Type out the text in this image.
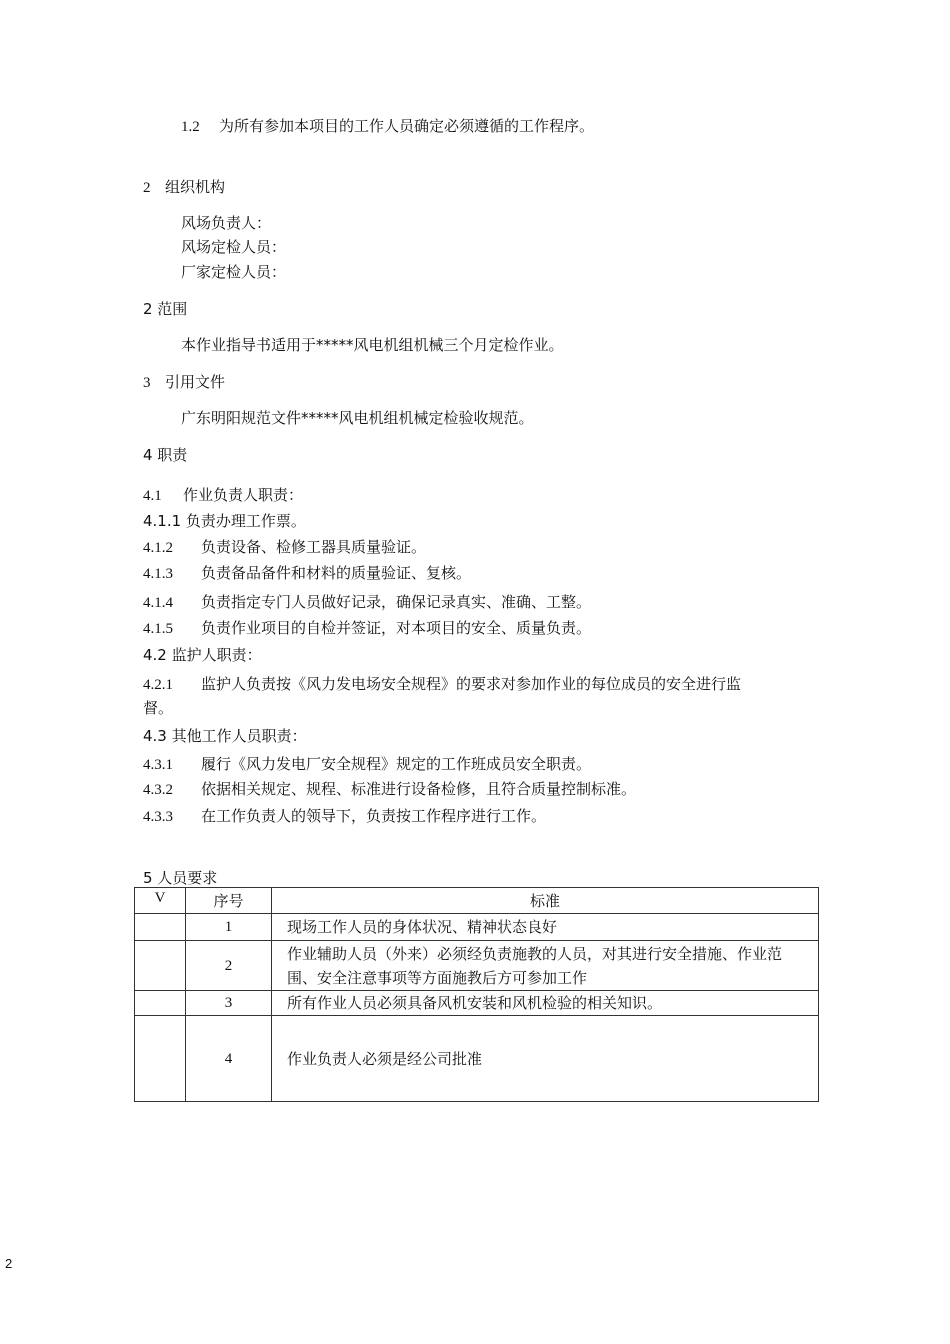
1.2 为所有参加本项目的工作人员确定必须遵循的工作程序。
2 组织机构
风场负责人：
风场定检人员：
厂家定检人员：
2 范围
本作业指导书适用于*****风电机组机械三个月定检作业。
3 引用文件
广东明阳规范文件*****风电机组机械定检验收规范。
4 职责
4.1 作业负责人职责：
4.1.1 负责办理工作票。
4.1.2 负责设备、检修工器具质量验证。
4.1.3 负责备品备件和材料的质量验证、复核。
4.1.4 负责指定专门人员做好记录，确保记录真实、准确、工整。
4.1.5 负责作业项目的自检并签证，对本项目的安全、质量负责。
4.2 监护人职责：
4.2.1 监护人负责按《风力发电场安全规程》的要求对参加作业的每位成员的安全进行监
督。
4.3 其他工作人员职责：
4.3.1 履行《风力发电厂安全规程》规定的工作班成员安全职责。
4.3.2 依据相关规定、规程、标准进行设备检修，且符合质量控制标准。
4.3.3 在工作负责人的领导下，负责按工作程序进行工作。
5 人员要求
V	序号	标准
	1	现场工作人员的身体状况、精神状态良好
	2	作业辅助人员（外来）必须经负责施教的人员，对其进行安全措施、作业范围、安全注意事项等方面施教后方可参加工作
	3	所有作业人员必须具备风机安装和风机检验的相关知识。
	4	作业负责人必须是经公司批准
2
